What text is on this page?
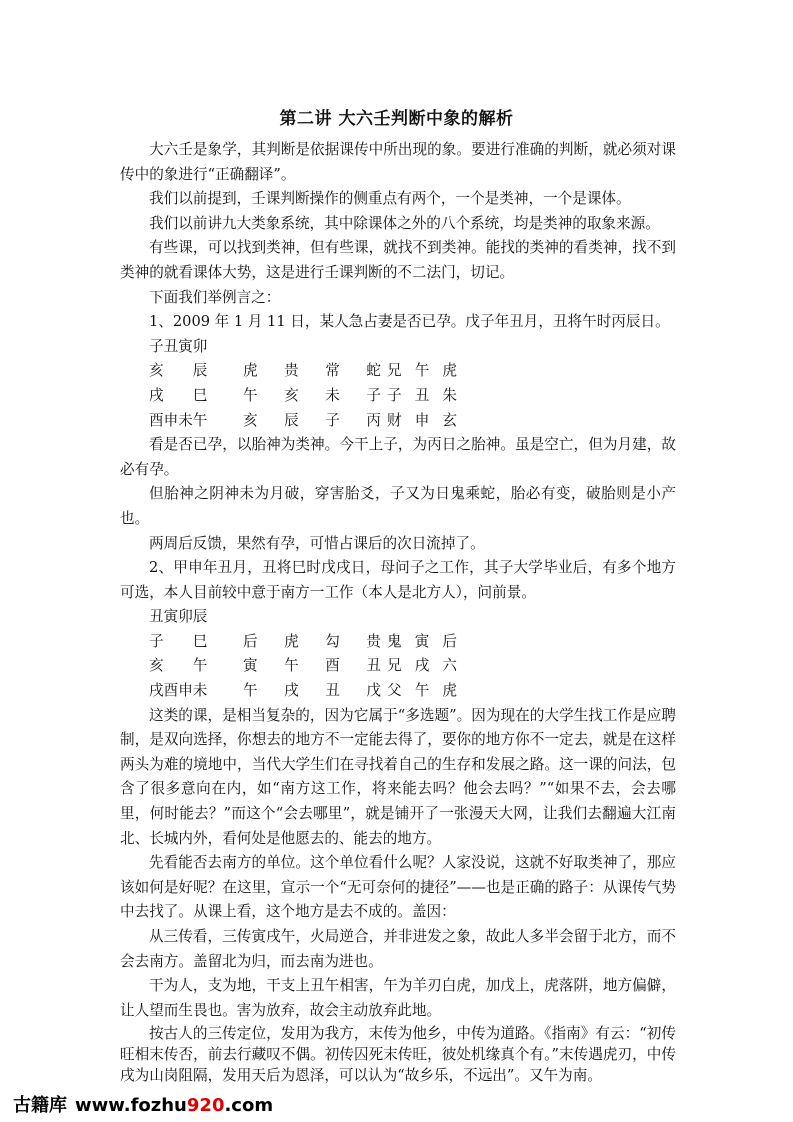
第二讲 大六壬判断中象的解析

大六壬是象学，其判断是依据课传中所出现的象。要进行准确的判断，就必须对课传中的象进行“正确翻译”。

我们以前提到，壬课判断操作的侧重点有两个，一个是类神，一个是课体。

我们以前讲九大类象系统，其中除课体之外的八个系统，均是类神的取象来源。

有些课，可以找到类神，但有些课，就找不到类神。能找的类神的看类神，找不到类神的就看课体大势，这是进行壬课判断的不二法门，切记。

下面我们举例言之：

1、2009 年 1 月 11 日，某人急占妻是否已孕。戊子年丑月，丑将午时丙辰日。

子丑寅卯

亥   辰	虎 贵 常 蛇 兄 午 虎
戌   巳	午 亥 未 子 子 丑 朱
酉申未午	亥 辰 子 丙 财 申 玄

看是否已孕，以胎神为类神。今干上子，为丙日之胎神。虽是空亡，但为月建，故必有孕。

但胎神之阴神未为月破，穿害胎爻，子又为日鬼乘蛇，胎必有变，破胎则是小产也。

两周后反馈，果然有孕，可惜占课后的次日流掉了。

2、甲申年丑月，丑将巳时戊戌日，母问子之工作，其子大学毕业后，有多个地方可选，本人目前较中意于南方一工作（本人是北方人），问前景。

丑寅卯辰

子   巳	后 虎 勾 贵 鬼 寅 后
亥   午	寅 午 酉 丑 兄 戌 六
戌酉申未	午 戌 丑 戊 父 午 虎

这类的课，是相当复杂的，因为它属于“多选题”。因为现在的大学生找工作是应聘制，是双向选择，你想去的地方不一定能去得了，要你的地方你不一定去，就是在这样两头为难的境地中，当代大学生们在寻找着自己的生存和发展之路。这一课的问法，包含了很多意向在内，如“南方这工作，将来能去吗？他会去吗？”“如果不去，会去哪里，何时能去？”而这个“会去哪里”，就是铺开了一张漫天大网，让我们去翻遍大江南北、长城内外，看何处是他愿去的、能去的地方。

先看能否去南方的单位。这个单位看什么呢？人家没说，这就不好取类神了，那应该如何是好呢？在这里，宣示一个“无可奈何的捷径”——也是正确的路子：从课传气势中去找了。从课上看，这个地方是去不成的。盖因：

从三传看，三传寅戌午，火局逆合，并非进发之象，故此人多半会留于北方，而不会去南方。盖留北为归，而去南为进也。

干为人，支为地，干支上丑午相害，午为羊刃白虎，加戊上，虎落阱，地方偏僻，让人望而生畏也。害为放弃，故会主动放弃此地。

按古人的三传定位，发用为我方，末传为他乡，中传为道路。《指南》有云：“初传旺相末传否，前去行藏叹不偶。初传囚死末传旺，彼处机缘真个有。”末传遇虎刃，中传戌为山岗阻隔，发用天后为恩泽，可以认为“故乡乐，不远出”。又午为南。

古籍库 www.fozhu920.com
